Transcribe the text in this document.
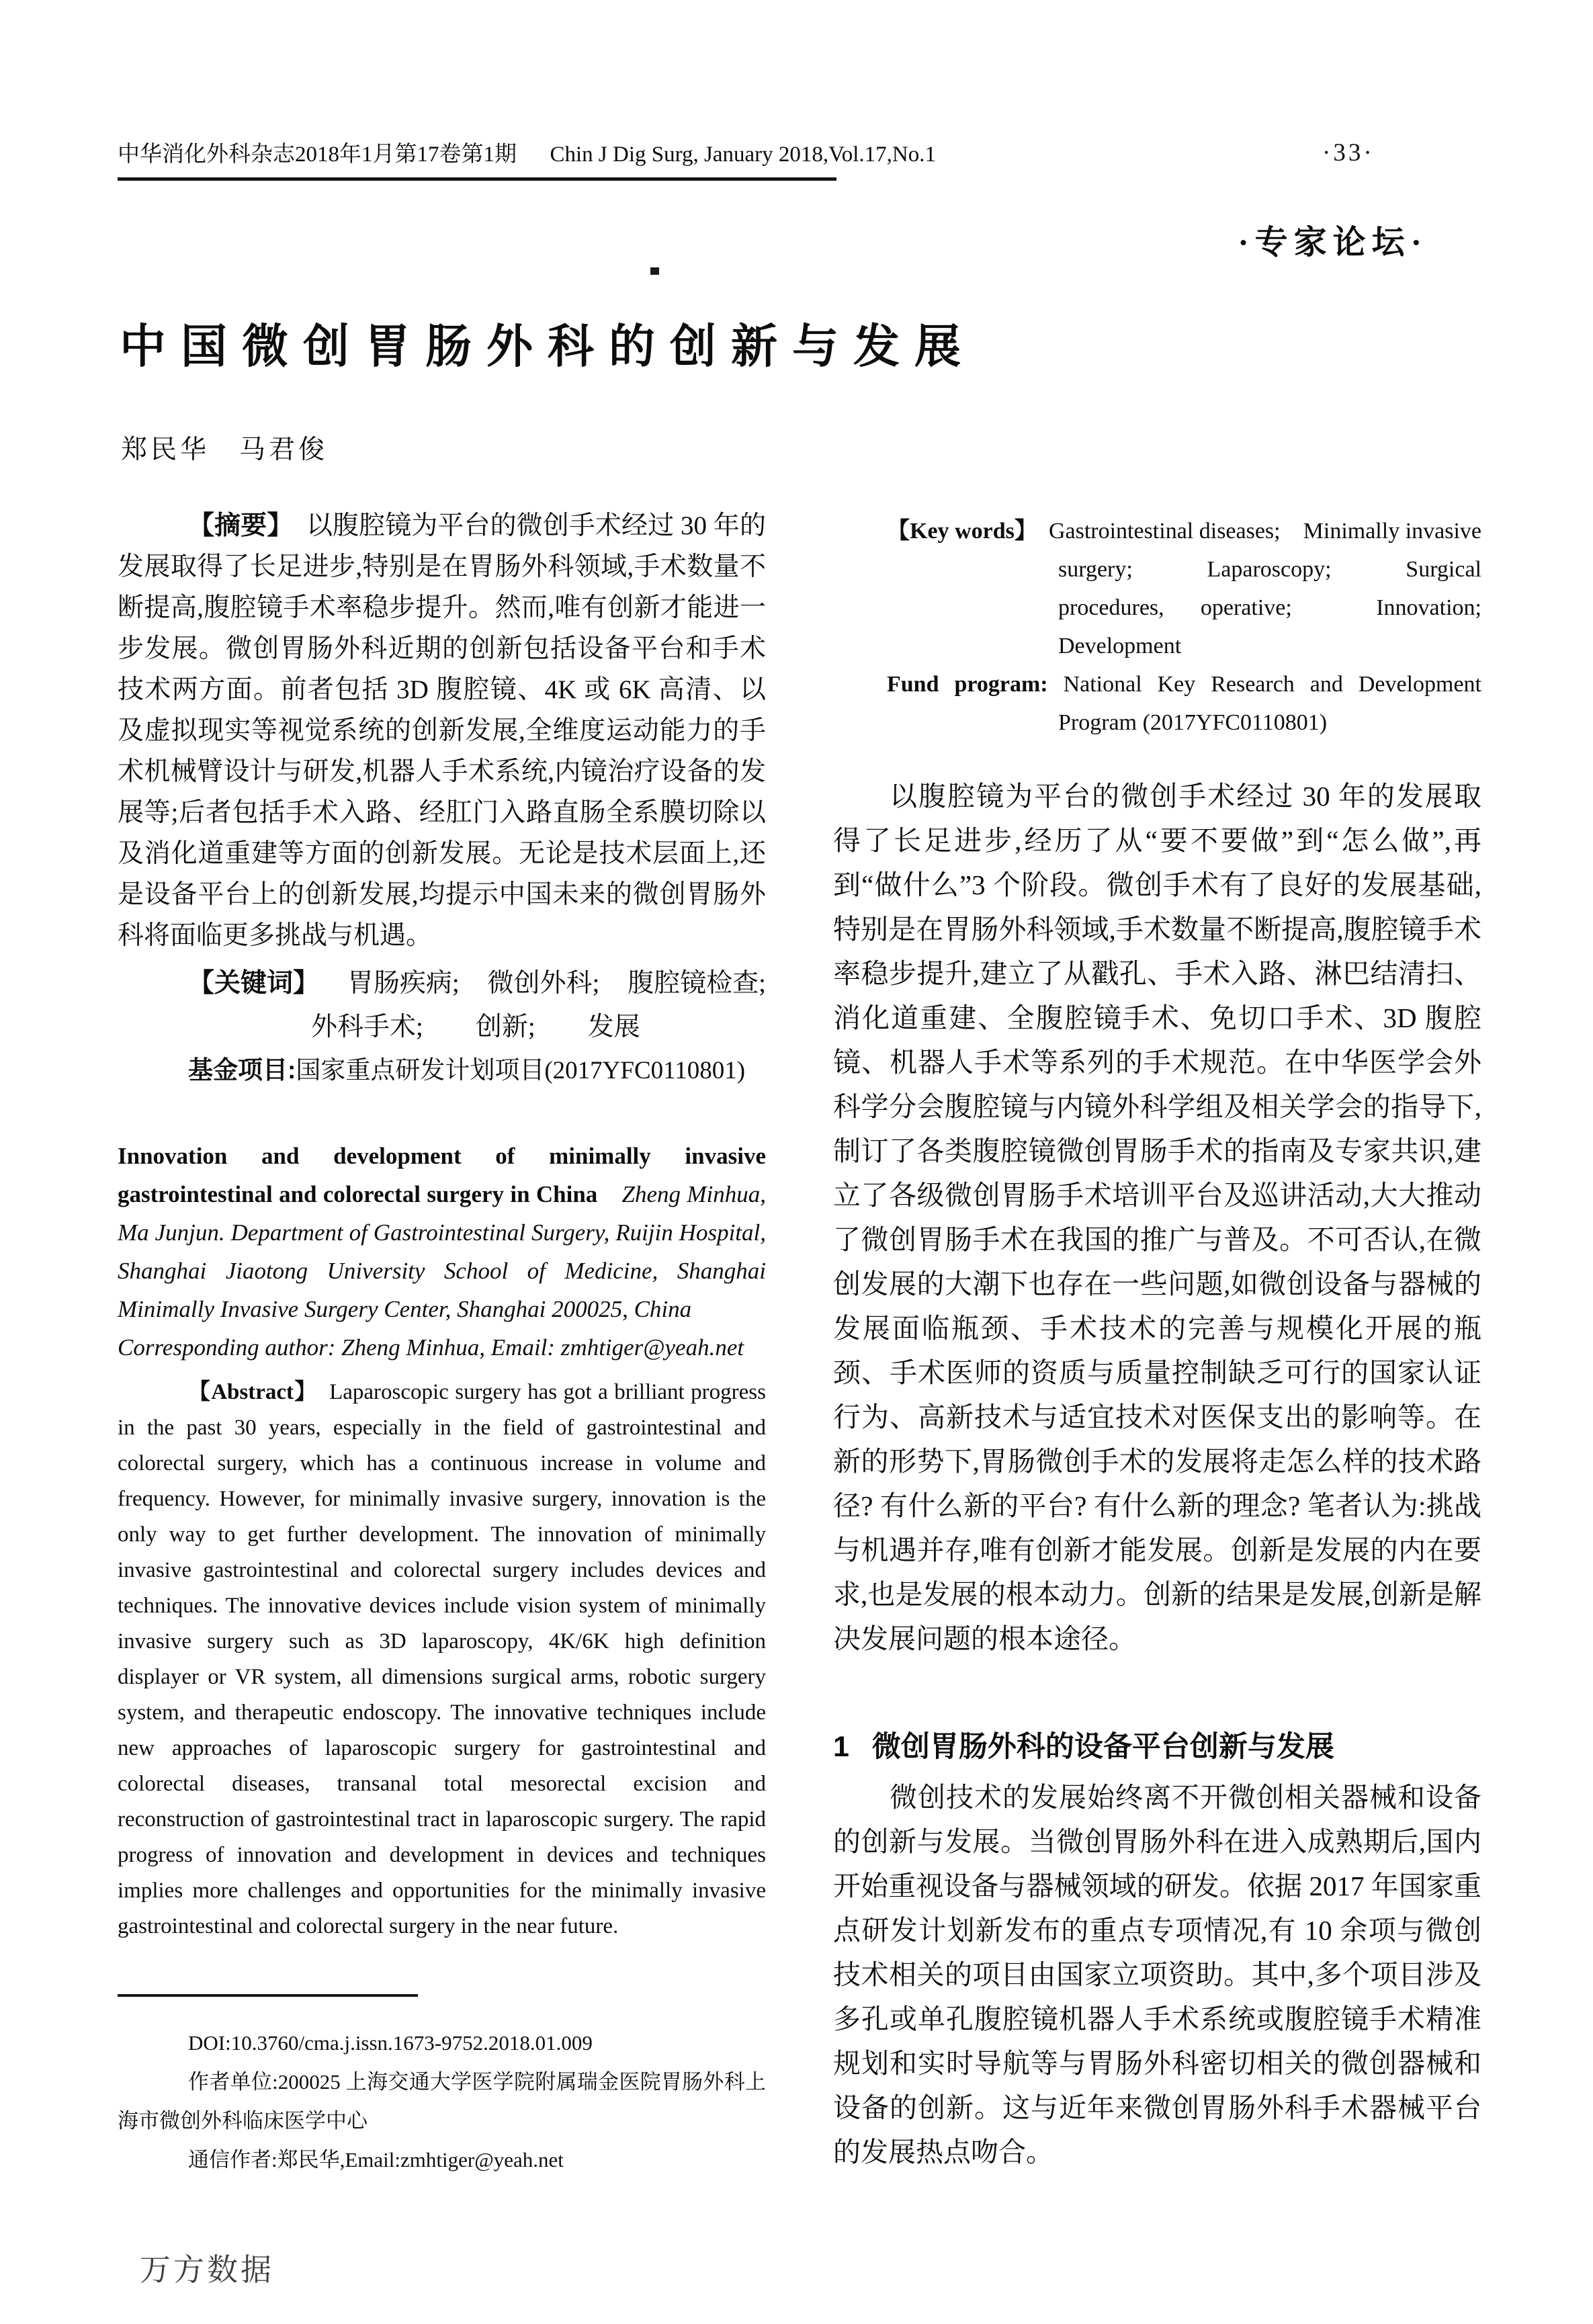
中华消化外科杂志2018年1月第17卷第1期 　 Chin J Dig Surg, January 2018,Vol.17,No.1	·33·
·专家论坛·
中国微创胃肠外科的创新与发展
郑民华　马君俊

【摘要】　 以腹腔镜为平台的微创手术经过 30 年的发展取得了长足进步,特别是在胃肠外科领域,手术数量不断提高,腹腔镜手术率稳步提升。然而,唯有创新才能进一步发展。微创胃肠外科近期的创新包括设备平台和手术技术两方面。前者包括 3D 腹腔镜、4K 或 6K 高清、以及虚拟现实等视觉系统的创新发展,全维度运动能力的手术机械臂设计与研发,机器人手术系统,内镜治疗设备的发展等;后者包括手术入路、经肛门入路直肠全系膜切除以及消化道重建等方面的创新发展。无论是技术层面上,还是设备平台上的创新发展,均提示中国未来的微创胃肠外科将面临更多挑战与机遇。

【关键词】 胃肠疾病; 微创外科; 腹腔镜检查;
外科手术; 创新; 发展
基金项目:国家重点研发计划项目(2017YFC0110801)

Innovation and development of minimally invasive gastrointestinal and colorectal surgery in China　 Zheng Minhua, Ma Junjun. Department of Gastrointestinal Surgery, Ruijin Hospital, Shanghai Jiaotong University School of Medicine, Shanghai Minimally Invasive Surgery Center, Shanghai 200025, China

Corresponding author: Zheng Minhua, Email: zmhtiger@yeah.net

【Abstract】　 Laparoscopic surgery has got a brilliant progress in the past 30 years, especially in the field of gastrointestinal and colorectal surgery, which has a continuous increase in volume and frequency. However, for minimally invasive surgery, innovation is the only way to get further development. The innovation of minimally invasive gastrointestinal and colorectal surgery includes devices and techniques. The innovative devices include vision system of minimally invasive surgery such as 3D laparoscopy, 4K/6K high definition displayer or VR system, all dimensions surgical arms, robotic surgery system, and therapeutic endoscopy. The innovative techniques include new approaches of laparoscopic surgery for gastrointestinal and colorectal diseases, transanal total mesorectal excision and reconstruction of gastrointestinal tract in laparoscopic surgery. The rapid progress of innovation and development in devices and techniques implies more challenges and opportunities for the minimally invasive gastrointestinal and colorectal surgery in the near future.

DOI:10.3760/cma.j.issn.1673-9752.2018.01.009

作者单位:200025 上海交通大学医学院附属瑞金医院胃肠外科上海市微创外科临床医学中心

通信作者:郑民华,Email:zmhtiger@yeah.net
【Key words】　 Gastrointestinal diseases;　Minimally invasive surgery;　Laparoscopy;　Surgical procedures, operative;　Innovation;　Development
Fund program: National Key Research and Development Program (2017YFC0110801)

以腹腔镜为平台的微创手术经过 30 年的发展取得了长足进步,经历了从“要不要做”到“怎么做”,再到“做什么”3 个阶段。微创手术有了良好的发展基础,特别是在胃肠外科领域,手术数量不断提高,腹腔镜手术率稳步提升,建立了从戳孔、手术入路、淋巴结清扫、消化道重建、全腹腔镜手术、免切口手术、3D 腹腔镜、机器人手术等系列的手术规范。在中华医学会外科学分会腹腔镜与内镜外科学组及相关学会的指导下,制订了各类腹腔镜微创胃肠手术的指南及专家共识,建立了各级微创胃肠手术培训平台及巡讲活动,大大推动了微创胃肠手术在我国的推广与普及。不可否认,在微创发展的大潮下也存在一些问题,如微创设备与器械的发展面临瓶颈、手术技术的完善与规模化开展的瓶颈、手术医师的资质与质量控制缺乏可行的国家认证行为、高新技术与适宜技术对医保支出的影响等。在新的形势下,胃肠微创手术的发展将走怎么样的技术路径? 有什么新的平台? 有什么新的理念? 笔者认为:挑战与机遇并存,唯有创新才能发展。创新是发展的内在要求,也是发展的根本动力。创新的结果是发展,创新是解决发展问题的根本途径。

1 微创胃肠外科的设备平台创新与发展

微创技术的发展始终离不开微创相关器械和设备的创新与发展。当微创胃肠外科在进入成熟期后,国内开始重视设备与器械领域的研发。依据 2017 年国家重点研发计划新发布的重点专项情况,有 10 余项与微创技术相关的项目由国家立项资助。其中,多个项目涉及多孔或单孔腹腔镜机器人手术系统或腹腔镜手术精准规划和实时导航等与胃肠外科密切相关的微创器械和设备的创新。这与近年来微创胃肠外科手术器械平台的发展热点吻合。

万方数据
